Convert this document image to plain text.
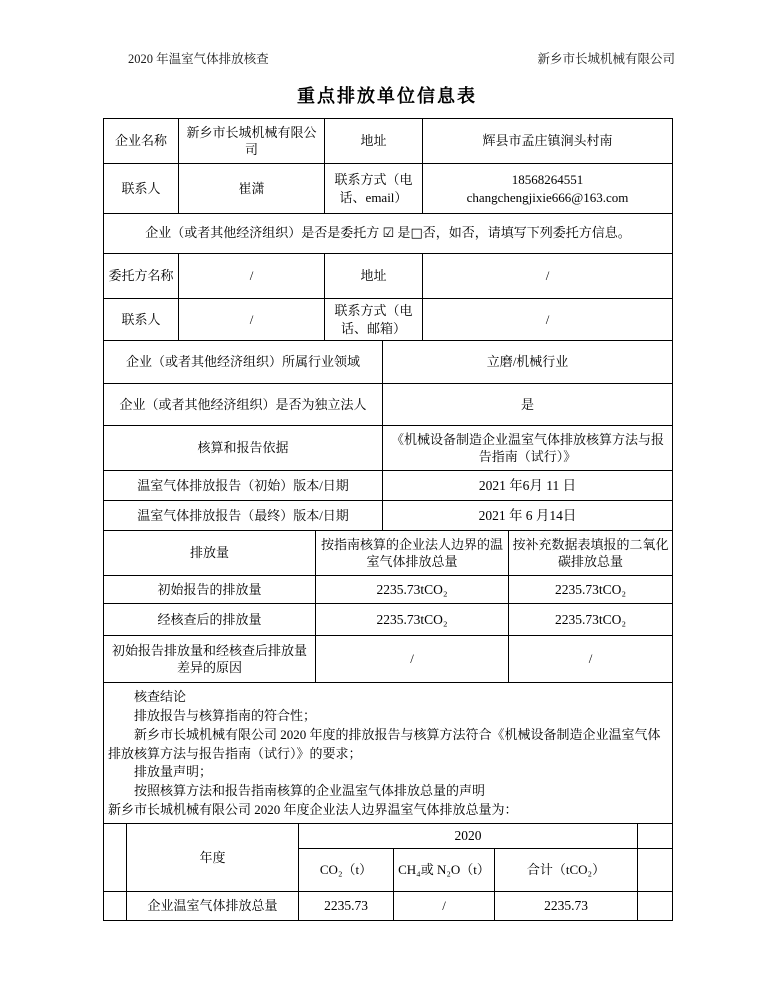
2020 年温室气体排放核查	新乡市长城机械有限公司
重点排放单位信息表
企业名称	新乡市长城机械有限公司	地址	辉县市孟庄镇涧头村南
联系人	崔潇	联系方式（电话、email）	18568264551
changchengjixie666@163.com

企业（或者其他经济组织）是否是委托方 ☑ 是□否，如否，请填写下列委托方信息。			
委托方名称	/	地址	/
联系人	/	联系方式（电话、邮箱）	/
企业（或者其他经济组织）所属行业领域	立磨/机械行业
企业（或者其他经济组织）是否为独立法人	是
核算和报告依据	《机械设备制造企业温室气体排放核算方法与报告指南（试行）》
温室气体排放报告（初始）版本/日期	2021 年6月 11 日
温室气体排放报告（最终）版本/日期	2021 年 6 月14日
排放量	按指南核算的企业法人边界的温室气体排放总量	按补充数据表填报的二氧化碳排放总量
初始报告的排放量	2235.73tCO₂	2235.73tCO₂
经核查后的排放量	2235.73tCO₂	2235.73tCO₂
初始报告排放量和经核查后排放量差异的原因	/	/
核查结论
排放报告与核算指南的符合性；
新乡市长城机械有限公司 2020 年度的排放报告与核算方法符合《机械设备制造企业温室气体排放核算方法与报告指南（试行）》的要求；
排放量声明；
按照核算方法和报告指南核算的企业温室气体排放总量的声明
新乡市长城机械有限公司 2020 年度企业法人边界温室气体排放总量为：
	年度	2020			
		CO₂（t）	CH₄或 N₂O（t）	合计（tCO₂）	
	企业温室气体排放总量	2235.73	/	2235.73	
